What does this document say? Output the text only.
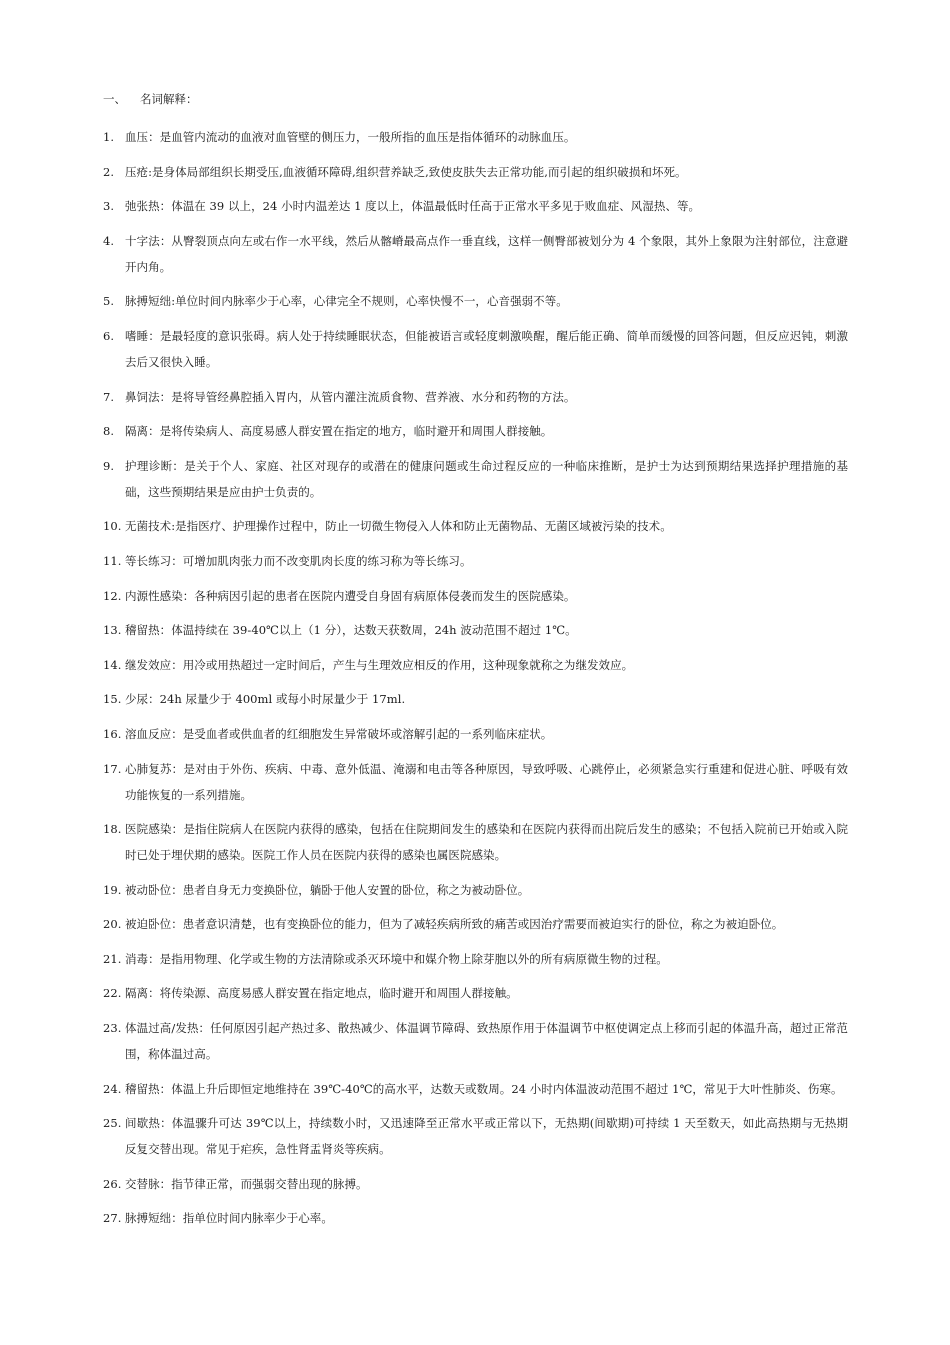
一、	名词解释：
1. 血压：是血管内流动的血液对血管壁的侧压力，一般所指的血压是指体循环的动脉血压。
2. 压疮:是身体局部组织长期受压,血液循环障碍,组织营养缺乏,致使皮肤失去正常功能,而引起的组织破损和坏死。
3. 弛张热：体温在 39 以上，24 小时内温差达 1 度以上，体温最低时任高于正常水平多见于败血症、风湿热、等。
4. 十字法：从臀裂顶点向左或右作一水平线，然后从髂嵴最高点作一垂直线，这样一侧臀部被划分为 4 个象限，其外上象限为注射部位，注意避开内角。
5. 脉搏短绌:单位时间内脉率少于心率，心律完全不规则，心率快慢不一，心音强弱不等。
6. 嗜睡：是最轻度的意识张碍。病人处于持续睡眠状态，但能被语言或轻度刺激唤醒，醒后能正确、简单而缓慢的回答问题，但反应迟钝，刺激去后又很快入睡。
7. 鼻饲法：是将导管经鼻腔插入胃内，从管内灌注流质食物、营养液、水分和药物的方法。
8. 隔离：是将传染病人、高度易感人群安置在指定的地方，临时避开和周围人群接触。
9. 护理诊断：是关于个人、家庭、社区对现存的或潜在的健康问题或生命过程反应的一种临床推断，是护士为达到预期结果选择护理措施的基础，这些预期结果是应由护士负责的。
10. 无菌技术:是指医疗、护理操作过程中，防止一切微生物侵入人体和防止无菌物品、无菌区域被污染的技术。
11. 等长练习：可增加肌肉张力而不改变肌肉长度的练习称为等长练习。
12. 内源性感染：各种病因引起的患者在医院内遭受自身固有病原体侵袭而发生的医院感染。
13. 稽留热：体温持续在 39-40℃以上（1 分），达数天获数周，24h 波动范围不超过 1℃。
14. 继发效应：用冷或用热超过一定时间后，产生与生理效应相反的作用，这种现象就称之为继发效应。
15. 少尿：24h 尿量少于 400ml 或每小时尿量少于 17ml.
16. 溶血反应：是受血者或供血者的红细胞发生异常破坏或溶解引起的一系列临床症状。
17. 心肺复苏：是对由于外伤、疾病、中毒、意外低温、淹溺和电击等各种原因，导致呼吸、心跳停止，必须紧急实行重建和促进心脏、呼吸有效功能恢复的一系列措施。
18. 医院感染：是指住院病人在医院内获得的感染，包括在住院期间发生的感染和在医院内获得而出院后发生的感染；不包括入院前已开始或入院时已处于埋伏期的感染。医院工作人员在医院内获得的感染也属医院感染。
19. 被动卧位：患者自身无力变换卧位，躺卧于他人安置的卧位，称之为被动卧位。
20. 被迫卧位：患者意识清楚，也有变换卧位的能力，但为了减轻疾病所致的痛苦或因治疗需要而被迫实行的卧位，称之为被迫卧位。
21. 消毒：是指用物理、化学或生物的方法清除或杀灭环境中和媒介物上除芽胞以外的所有病原微生物的过程。
22. 隔离：将传染源、高度易感人群安置在指定地点，临时避开和周围人群接触。
23. 体温过高/发热：任何原因引起产热过多、散热减少、体温调节障碍、致热原作用于体温调节中枢使调定点上移而引起的体温升高，超过正常范围，称体温过高。
24. 稽留热：体温上升后即恒定地维持在 39℃-40℃的高水平，达数天或数周。24 小时内体温波动范围不超过 1℃，常见于大叶性肺炎、伤寒。
25. 间歇热：体温骤升可达 39℃以上，持续数小时，又迅速降至正常水平或正常以下，无热期(间歇期)可持续 1 天至数天，如此高热期与无热期反复交替出现。常见于疟疾，急性肾盂肾炎等疾病。
26. 交替脉：指节律正常，而强弱交替出现的脉搏。
27. 脉搏短绌：指单位时间内脉率少于心率。
